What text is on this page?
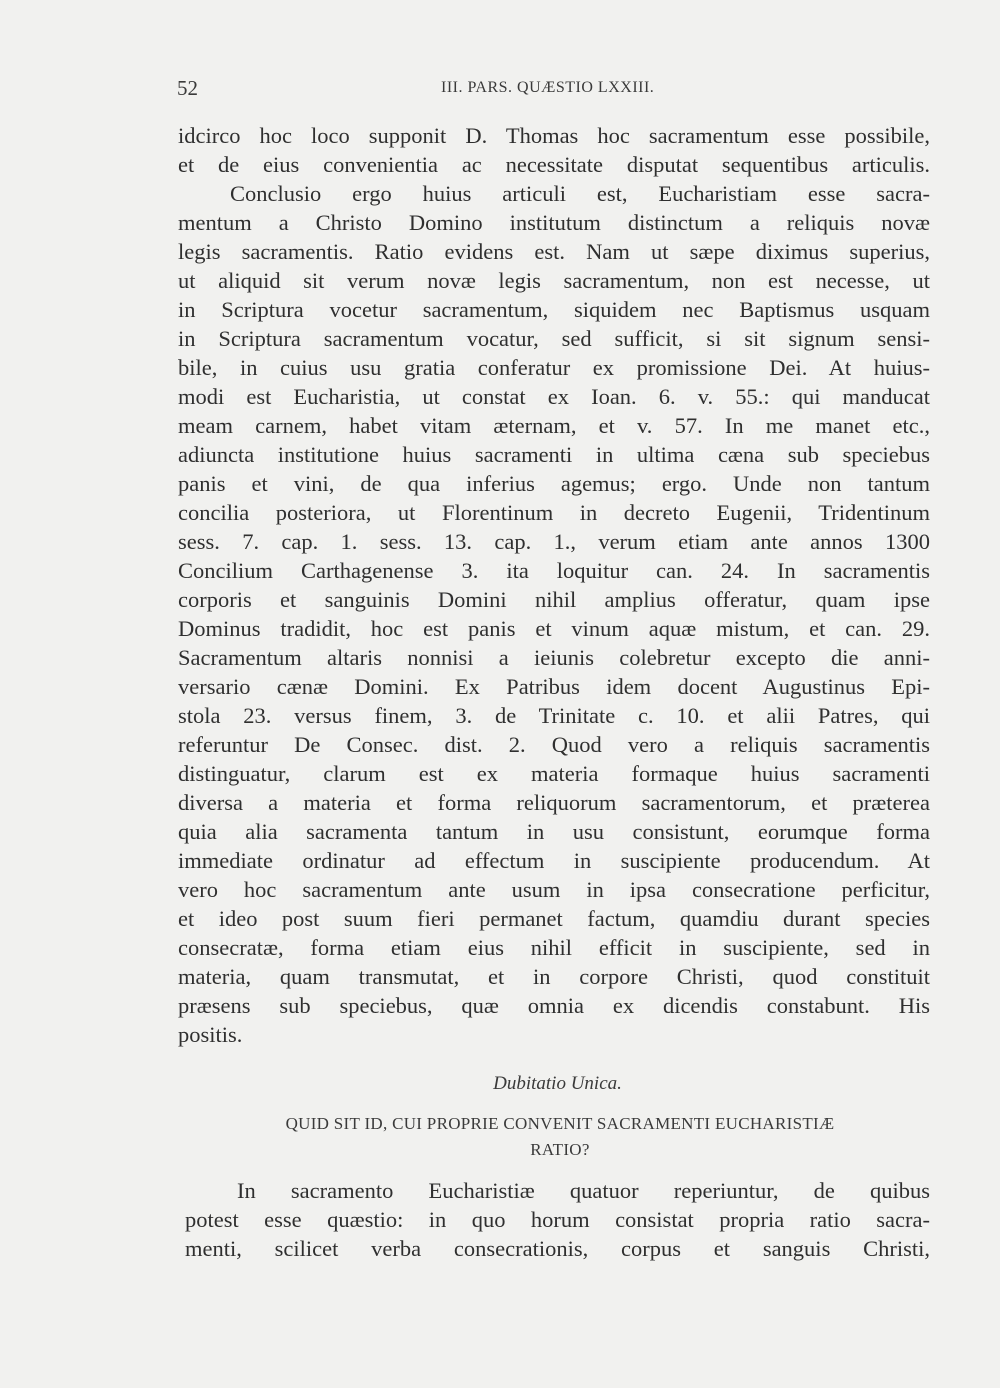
52	III. PARS. QUÆSTIO LXXIII.
idcirco hoc loco supponit D. Thomas hoc sacramentum esse possibile,
et de eius convenientia ac necessitate disputat sequentibus articulis.
Conclusio ergo huius articuli est, Eucharistiam esse sacra-
mentum a Christo Domino institutum distinctum a reliquis novæ
legis sacramentis. Ratio evidens est. Nam ut sæpe diximus superius,
ut aliquid sit verum novæ legis sacramentum, non est necesse, ut
in Scriptura vocetur sacramentum, siquidem nec Baptismus usquam
in Scriptura sacramentum vocatur, sed sufficit, si sit signum sensi-
bile, in cuius usu gratia conferatur ex promissione Dei. At huius-
modi est Eucharistia, ut constat ex Ioan. 6. v. 55.: qui manducat
meam carnem, habet vitam æternam, et v. 57. In me manet etc.,
adiuncta institutione huius sacramenti in ultima cæna sub speciebus
panis et vini, de qua inferius agemus; ergo. Unde non tantum
concilia posteriora, ut Florentinum in decreto Eugenii, Tridentinum
sess. 7. cap. 1. sess. 13. cap. 1., verum etiam ante annos 1300
Concilium Carthagenense 3. ita loquitur can. 24. In sacramentis
corporis et sanguinis Domini nihil amplius offeratur, quam ipse
Dominus tradidit, hoc est panis et vinum aquæ mistum, et can. 29.
Sacramentum altaris nonnisi a ieiunis colebretur excepto die anni-
versario cænæ Domini. Ex Patribus idem docent Augustinus Epi-
stola 23. versus finem, 3. de Trinitate c. 10. et alii Patres, qui
referuntur De Consec. dist. 2. Quod vero a reliquis sacramentis
distinguatur, clarum est ex materia formaque huius sacramenti
diversa a materia et forma reliquorum sacramentorum, et præterea
quia alia sacramenta tantum in usu consistunt, eorumque forma
immediate ordinatur ad effectum in suscipiente producendum. At
vero hoc sacramentum ante usum in ipsa consecratione perficitur,
et ideo post suum fieri permanet factum, quamdiu durant species
consecratæ, forma etiam eius nihil efficit in suscipiente, sed in
materia, quam transmutat, et in corpore Christi, quod constituit
præsens sub speciebus, quæ omnia ex dicendis constabunt. His
positis.
Dubitatio Unica.
QUID SIT ID, CUI PROPRIE CONVENIT SACRAMENTI EUCHARISTIÆ
RATIO?
In sacramento Eucharistiæ quatuor reperiuntur, de quibus
potest esse quæstio: in quo horum consistat propria ratio sacra-
menti, scilicet verba consecrationis, corpus et sanguis Christi,
